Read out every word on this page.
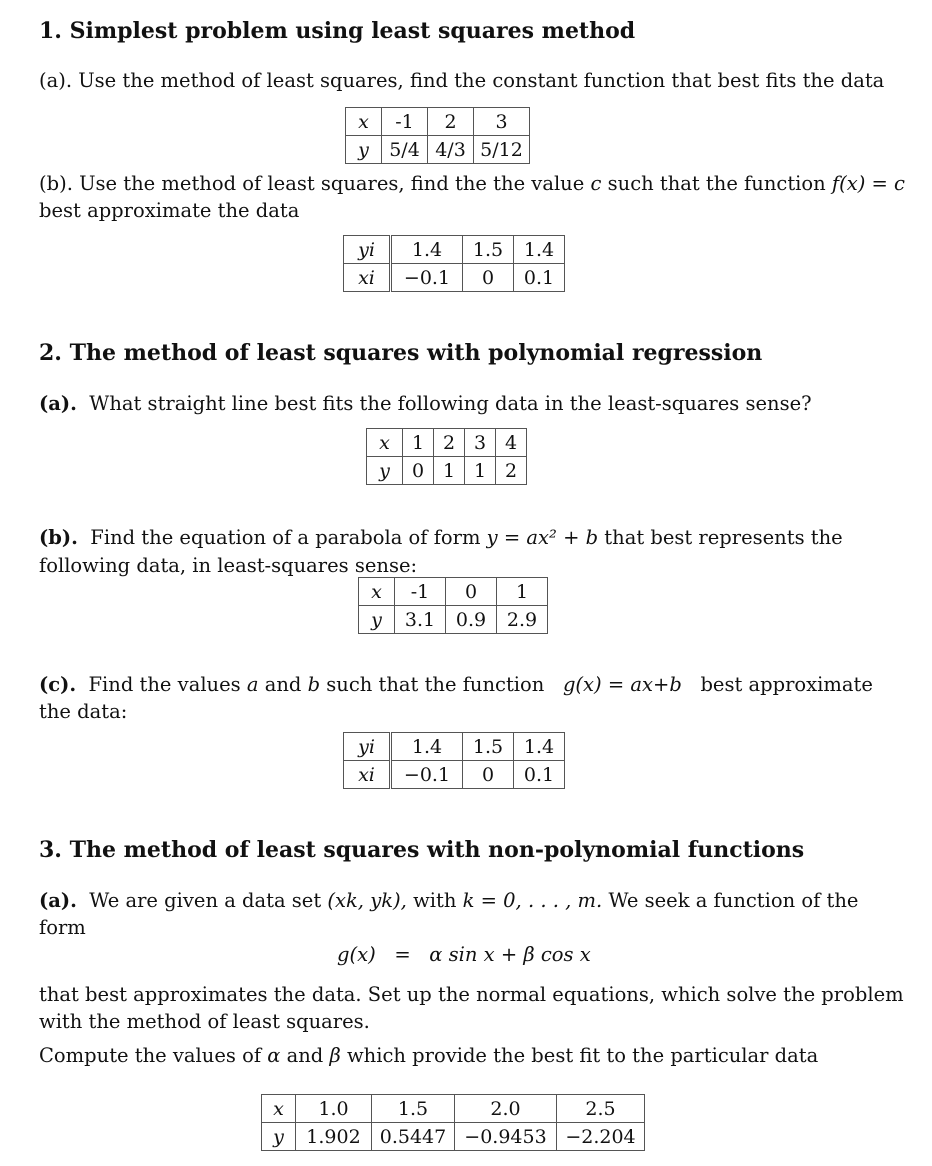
1. Simplest problem using least squares method
(a). Use the method of least squares, find the constant function that best fits the data
x	-1	2	3
y	5/4	4/3	5/12
(b). Use the method of least squares, find the the value c such that the function f(x) = c
best approximate the data
yi	1.4	1.5	1.4
xi	−0.1	0	0.1
2. The method of least squares with polynomial regression
(a). What straight line best fits the following data in the least-squares sense?
x	1	2	3	4
y	0	1	1	2
(b). Find the equation of a parabola of form y = ax² + b that best represents the
following data, in least-squares sense:
x	-1	0	1
y	3.1	0.9	2.9
(c). Find the values a and b such that the function g(x) = ax+b best approximate
the data:
yi	1.4	1.5	1.4
xi	−0.1	0	0.1
3. The method of least squares with non-polynomial functions
(a). We are given a data set (xk, yk), with k = 0, . . . , m. We seek a function of the
form
g(x) = α sin x + β cos x
that best approximates the data. Set up the normal equations, which solve the problem
with the method of least squares.
Compute the values of α and β which provide the best fit to the particular data
x	1.0	1.5	2.0	2.5
y	1.902	0.5447	−0.9453	−2.204
